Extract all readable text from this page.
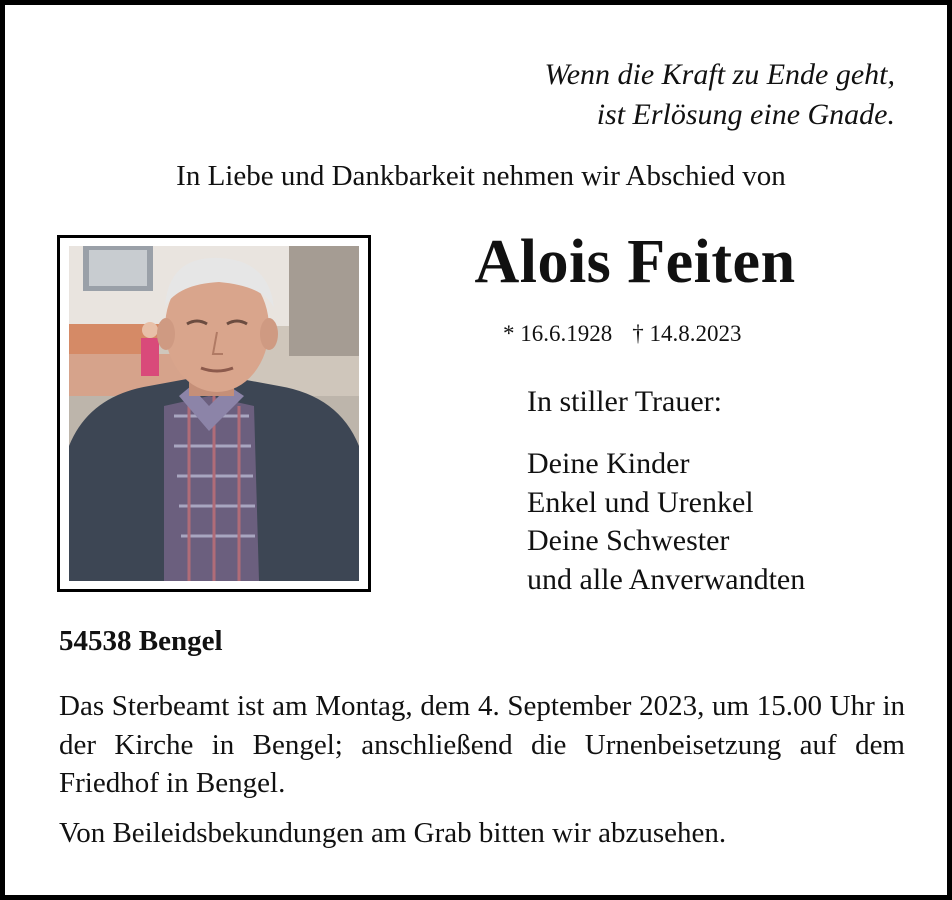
Wenn die Kraft zu Ende geht,
ist Erlösung eine Gnade.
In Liebe und Dankbarkeit nehmen wir Abschied von
Alois Feiten
* 16.6.1928 † 14.8.2023
In stiller Trauer:
Deine Kinder
Enkel und Urenkel
Deine Schwester
und alle Anverwandten
54538 Bengel
Das Sterbeamt ist am Montag, dem 4. September 2023, um 15.00 Uhr in der Kirche in Bengel; anschließend die Urnenbeisetzung auf dem Friedhof in Bengel.
Von Beileidsbekundungen am Grab bitten wir abzusehen.
